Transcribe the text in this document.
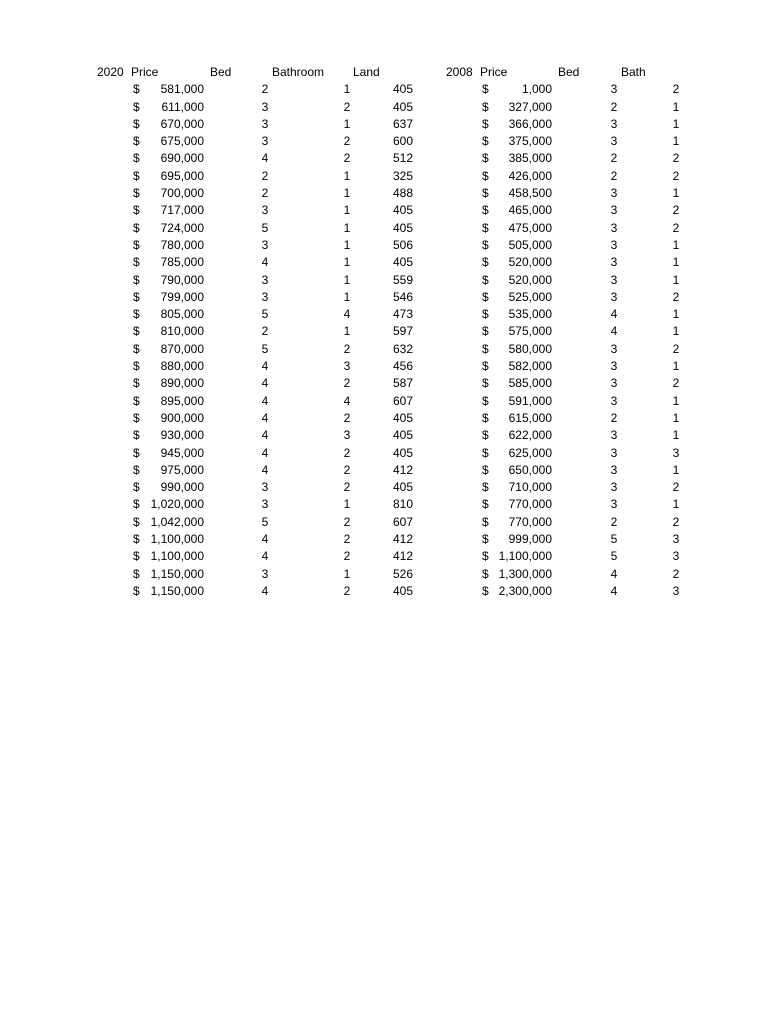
2020 Price	Bed	Bathroom Land	2008 Price	Bed	Bath
$ 581,000	2	1	405	$	1,000	3	2
$ 611,000	3	2	405	$ 327,000	2	1
$ 670,000	3	1	637	$ 366,000	3	1
$ 675,000	3	2	600	$ 375,000	3	1
$ 690,000	4	2	512	$ 385,000	2	2
$ 695,000	2	1	325	$ 426,000	2	2
$ 700,000	2	1	488	$ 458,500	3	1
$ 717,000	3	1	405	$ 465,000	3	2
$ 724,000	5	1	405	$ 475,000	3	2
$ 780,000	3	1	506	$ 505,000	3	1
$ 785,000	4	1	405	$ 520,000	3	1
$ 790,000	3	1	559	$ 520,000	3	1
$ 799,000	3	1	546	$ 525,000	3	2
$ 805,000	5	4	473	$ 535,000	4	1
$ 810,000	2	1	597	$ 575,000	4	1
$ 870,000	5	2	632	$ 580,000	3	2
$ 880,000	4	3	456	$ 582,000	3	1
$ 890,000	4	2	587	$ 585,000	3	2
$ 895,000	4	4	607	$ 591,000	3	1
$ 900,000	4	2	405	$ 615,000	2	1
$ 930,000	4	3	405	$ 622,000	3	1
$ 945,000	4	2	405	$ 625,000	3	3
$ 975,000	4	2	412	$ 650,000	3	1
$ 990,000	3	2	405	$ 710,000	3	2
$ 1,020,000	3	1	810	$ 770,000	3	1
$ 1,042,000	5	2	607	$ 770,000	2	2
$ 1,100,000	4	2	412	$ 999,000	5	3
$ 1,100,000	4	2	412	$ 1,100,000	5	3
$ 1,150,000	3	1	526	$ 1,300,000	4	2
$ 1,150,000	4	2	405	$ 2,300,000	4	3
